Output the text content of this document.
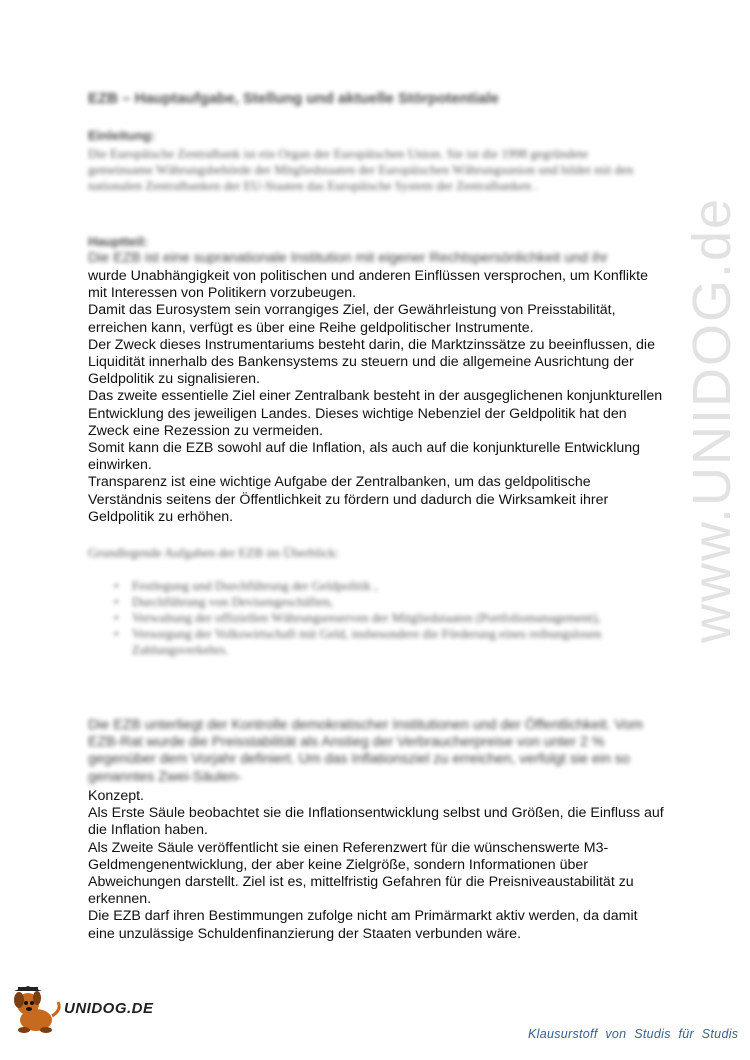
www.UNIDOG.de
EZB – Hauptaufgabe, Stellung und aktuelle Störpotentiale
Einleitung:
Die Europäische Zentralbank ist ein Organ der Europäischen Union. Sie ist die 1998 gegründete gemeinsame Währungsbehörde der Mitgliedstaaten der Europäischen Währungsunion und bildet mit den nationalen Zentralbanken der EU-Staaten das Europäische System der Zentralbanken .
Hauptteil:

Die EZB ist eine supranationale Institution mit eigener Rechtspersönlichkeit und ihr

wurde Unabhängigkeit von politischen und anderen Einflüssen versprochen, um Konflikte mit Interessen von Politikern vorzubeugen.

Damit das Eurosystem sein vorrangiges Ziel, der Gewährleistung von Preisstabilität, erreichen kann, verfügt es über eine Reihe geldpolitischer Instrumente.

Der Zweck dieses Instrumentariums besteht darin, die Marktzinssätze zu beeinflussen, die Liquidität innerhalb des Bankensystems zu steuern und die allgemeine Ausrichtung der Geldpolitik zu signalisieren.

Das zweite essentielle Ziel einer Zentralbank besteht in der ausgeglichenen konjunkturellen Entwicklung des jeweiligen Landes. Dieses wichtige Nebenziel der Geldpolitik hat den Zweck eine Rezession zu vermeiden.

Somit kann die EZB sowohl auf die Inflation, als auch auf die konjunkturelle Entwicklung einwirken.

Transparenz ist eine wichtige Aufgabe der Zentralbanken, um das geldpolitische Verständnis seitens der Öffentlichkeit zu fördern und dadurch die Wirksamkeit ihrer Geldpolitik zu erhöhen.

Grundlegende Aufgaben der EZB im Überblick:
• Festlegung und Durchführung der Geldpolitik ,
• Durchführung von Devisengeschäften,
• Verwaltung der offiziellen Währungsreserven der Mitgliedstaaten (Portfoliomanagement),
• Versorgung der Volkswirtschaft mit Geld, insbesondere die Förderung eines reibungslosen Zahlungsverkehrs.

Die EZB unterliegt der Kontrolle demokratischer Institutionen und der Öffentlichkeit. Vom EZB-Rat wurde die Preisstabilität als Anstieg der Verbraucherpreise von unter 2 % gegenüber dem Vorjahr definiert. Um das Inflationsziel zu erreichen, verfolgt sie ein so genanntes Zwei-Säulen-

Konzept.

Als Erste Säule beobachtet sie die Inflationsentwicklung selbst und Größen, die Einfluss auf die Inflation haben.

Als Zweite Säule veröffentlicht sie einen Referenzwert für die wünschenswerte M3-Geldmengenentwicklung, der aber keine Zielgröße, sondern Informationen über Abweichungen darstellt. Ziel ist es, mittelfristig Gefahren für die Preisniveaustabilität zu erkennen.

Die EZB darf ihren Bestimmungen zufolge nicht am Primärmarkt aktiv werden, da damit eine unzulässige Schuldenfinanzierung der Staaten verbunden wäre.

UNIDOG.DE
Klausurstoff von Studis für Studis
